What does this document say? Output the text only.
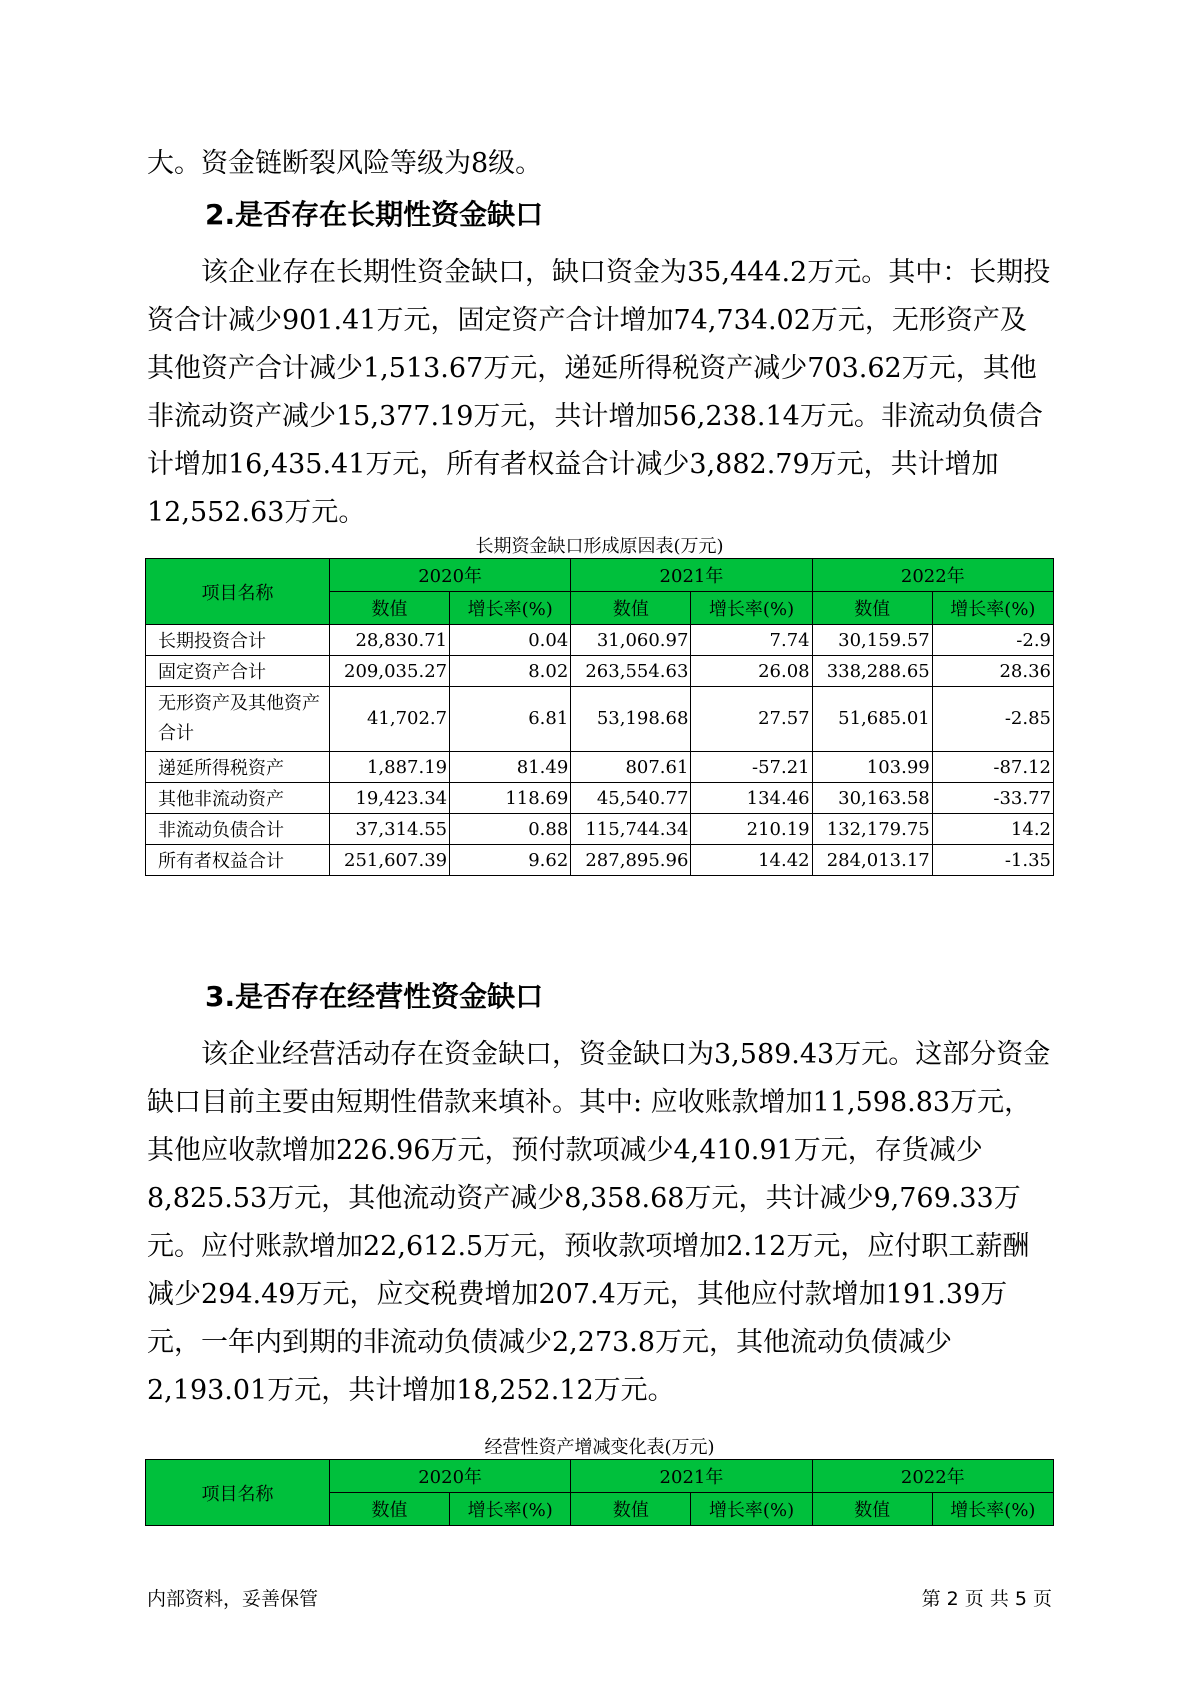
大。资金链断裂风险等级为8级。

2.是否存在长期性资金缺口

该企业存在长期性资金缺口，缺口资金为35,444.2万元。其中：长期投资合计减少901.41万元，固定资产合计增加74,734.02万元，无形资产及其他资产合计减少1,513.67万元，递延所得税资产减少703.62万元，其他非流动资产减少15,377.19万元，共计增加56,238.14万元。非流动负债合计增加16,435.41万元，所有者权益合计减少3,882.79万元，共计增加12,552.63万元。

长期资金缺口形成原因表(万元)
项目名称	2020年		2021年		2022年	
	数值	增长率(%)	数值	增长率(%)	数值	增长率(%)
长期投资合计	28,830.71	0.04	31,060.97	7.74	30,159.57	-2.9
固定资产合计	209,035.27	8.02	263,554.63	26.08	338,288.65	28.36
无形资产及其他资产合计	41,702.7	6.81	53,198.68	27.57	51,685.01	-2.85
递延所得税资产	1,887.19	81.49	807.61	-57.21	103.99	-87.12
其他非流动资产	19,423.34	118.69	45,540.77	134.46	30,163.58	-33.77
非流动负债合计	37,314.55	0.88	115,744.34	210.19	132,179.75	14.2
所有者权益合计	251,607.39	9.62	287,895.96	14.42	284,013.17	-1.35
3.是否存在经营性资金缺口

该企业经营活动存在资金缺口，资金缺口为3,589.43万元。这部分资金缺口目前主要由短期性借款来填补。其中: 应收账款增加11,598.83万元，其他应收款增加226.96万元，预付款项减少4,410.91万元，存货减少8,825.53万元，其他流动资产减少8,358.68万元，共计减少9,769.33万元。应付账款增加22,612.5万元，预收款项增加2.12万元，应付职工薪酬减少294.49万元，应交税费增加207.4万元，其他应付款增加191.39万元，一年内到期的非流动负债减少2,273.8万元，其他流动负债减少2,193.01万元，共计增加18,252.12万元。

经营性资产增减变化表(万元)
项目名称	2020年		2021年		2022年	
	数值	增长率(%)	数值	增长率(%)	数值	增长率(%)
内部资料，妥善保管	第 2 页 共 5 页
